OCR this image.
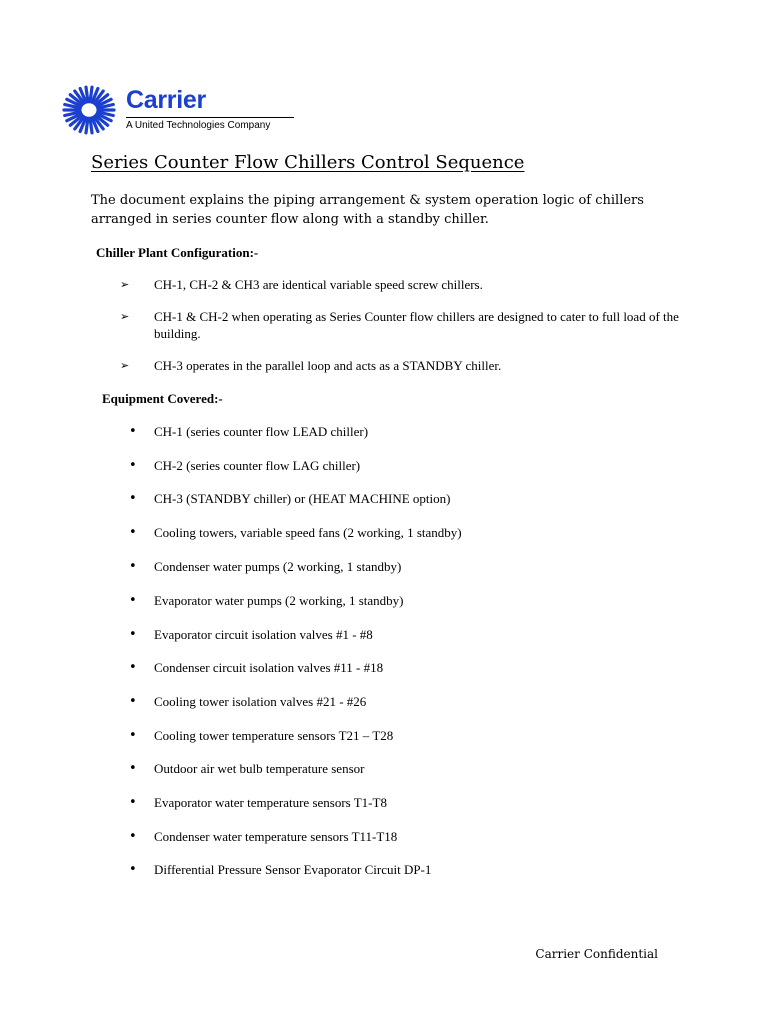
Carrier
A United Technologies Company
Series Counter Flow Chillers Control Sequence

The document explains the piping arrangement & system operation logic of chillers arranged in series counter flow along with a standby chiller.

Chiller Plant Configuration:-
➢	CH-1, CH-2 & CH3 are identical variable speed screw chillers.
➢	CH-1 & CH-2 when operating as Series Counter flow chillers are designed to cater to full load of the building.
➢	CH-3 operates in the parallel loop and acts as a STANDBY chiller.
Equipment Covered:-
• CH-1 (series counter flow LEAD chiller)
• CH-2 (series counter flow LAG chiller)
• CH-3 (STANDBY chiller) or (HEAT MACHINE option)
• Cooling towers, variable speed fans (2 working, 1 standby)
• Condenser water pumps (2 working, 1 standby)
• Evaporator water pumps (2 working, 1 standby)
• Evaporator circuit isolation valves #1 - #8
• Condenser circuit isolation valves #11 - #18
• Cooling tower isolation valves #21 - #26
• Cooling tower temperature sensors T21 – T28
• Outdoor air wet bulb temperature sensor
• Evaporator water temperature sensors T1-T8
• Condenser water temperature sensors T11-T18
• Differential Pressure Sensor Evaporator Circuit DP-1
Carrier Confidential
